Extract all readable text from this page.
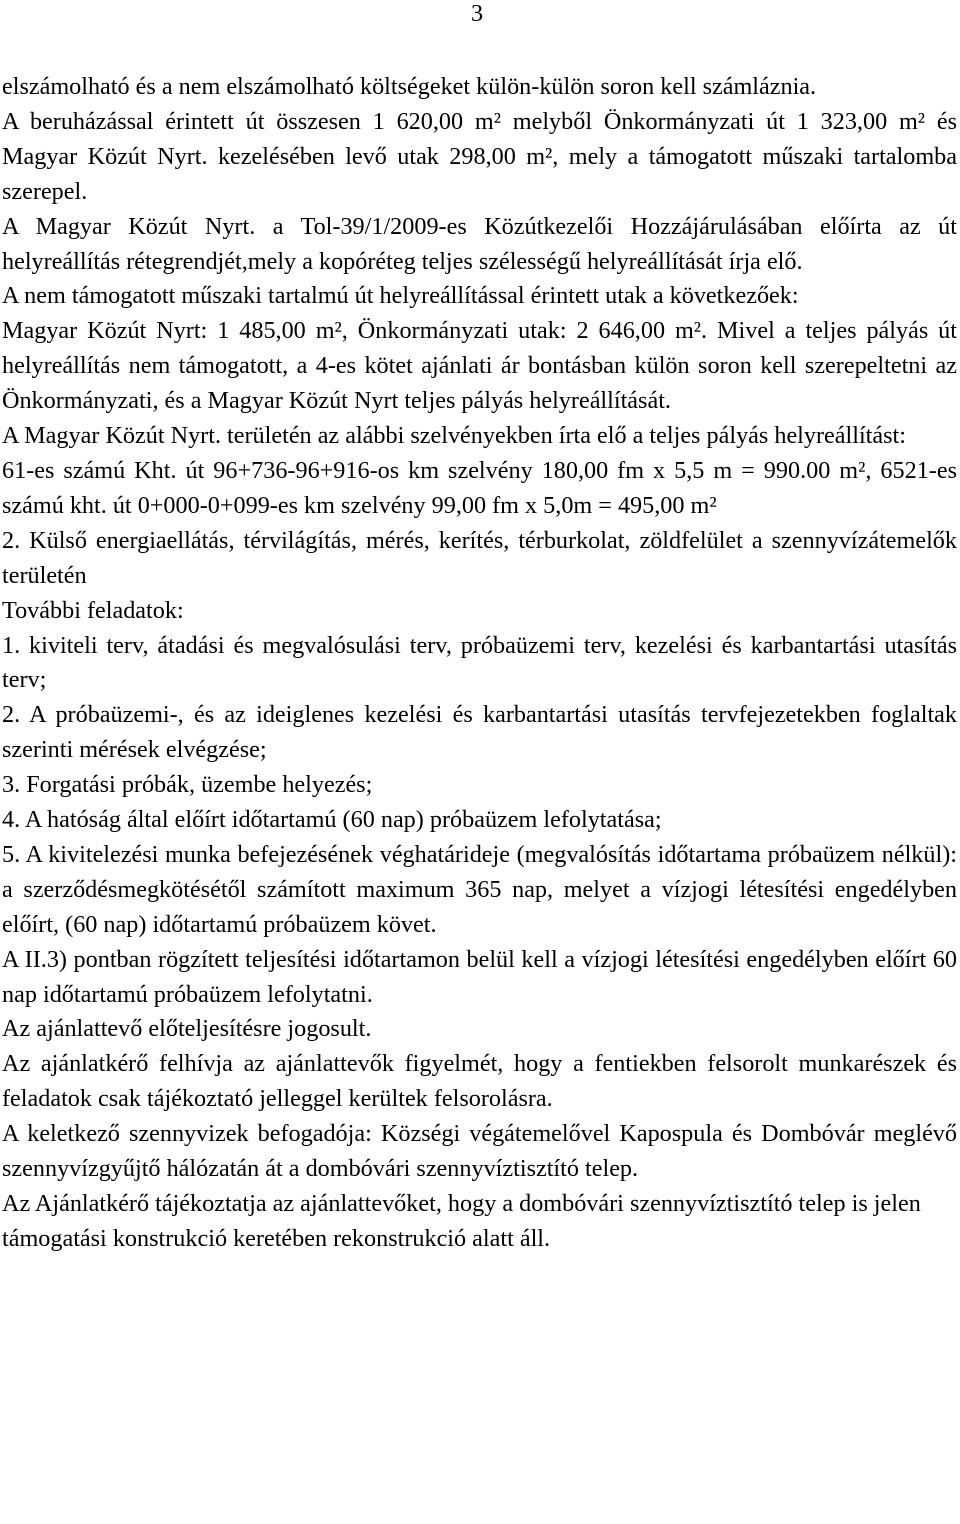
3

elszámolható és a nem elszámolható költségeket külön-külön soron kell számláznia.

A beruházással érintett út összesen 1 620,00 m² melyből Önkormányzati út 1 323,00 m² és Magyar Közút Nyrt. kezelésében levő utak 298,00 m², mely a támogatott műszaki tartalomba szerepel.

A Magyar Közút Nyrt. a Tol-39/1/2009-es Közútkezelői Hozzájárulásában előírta az út helyreállítás rétegrendjét,mely a kopóréteg teljes szélességű helyreállítását írja elő.

A nem támogatott műszaki tartalmú út helyreállítással érintett utak a következőek:

Magyar Közút Nyrt: 1 485,00 m², Önkormányzati utak: 2 646,00 m². Mivel a teljes pályás út helyreállítás nem támogatott, a 4-es kötet ajánlati ár bontásban külön soron kell szerepeltetni az Önkormányzati, és a Magyar Közút Nyrt teljes pályás helyreállítását.

A Magyar Közút Nyrt. területén az alábbi szelvényekben írta elő a teljes pályás helyreállítást:

61-es számú Kht. út 96+736-96+916-os km szelvény 180,00 fm x 5,5 m = 990.00 m², 6521-es számú kht. út 0+000-0+099-es km szelvény 99,00 fm x 5,0m = 495,00 m²

2. Külső energiaellátás, térvilágítás, mérés, kerítés, térburkolat, zöldfelület a szennyvízátemelők területén

További feladatok:

1. kiviteli terv, átadási és megvalósulási terv, próbaüzemi terv, kezelési és karbantartási utasítás terv;

2. A próbaüzemi-, és az ideiglenes kezelési és karbantartási utasítás tervfejezetekben foglaltak szerinti mérések elvégzése;

3. Forgatási próbák, üzembe helyezés;

4. A hatóság által előírt időtartamú (60 nap) próbaüzem lefolytatása;

5. A kivitelezési munka befejezésének véghatárideje (megvalósítás időtartama próbaüzem nélkül): a szerződésmegkötésétől számított maximum 365 nap, melyet a vízjogi létesítési engedélyben előírt, (60 nap) időtartamú próbaüzem követ.

A II.3) pontban rögzített teljesítési időtartamon belül kell a vízjogi létesítési engedélyben előírt 60 nap időtartamú próbaüzem lefolytatni.

Az ajánlattevő előteljesítésre jogosult.

Az ajánlatkérő felhívja az ajánlattevők figyelmét, hogy a fentiekben felsorolt munkarészek és feladatok csak tájékoztató jelleggel kerültek felsorolásra.

A keletkező szennyvizek befogadója: Községi végátemelővel Kapospula és Dombóvár meglévő szennyvízgyűjtő hálózatán át a dombóvári szennyvíztisztító telep.

Az Ajánlatkérő tájékoztatja az ajánlattevőket, hogy a dombóvári szennyvíztisztító telep is jelen támogatási konstrukció keretében rekonstrukció alatt áll.
